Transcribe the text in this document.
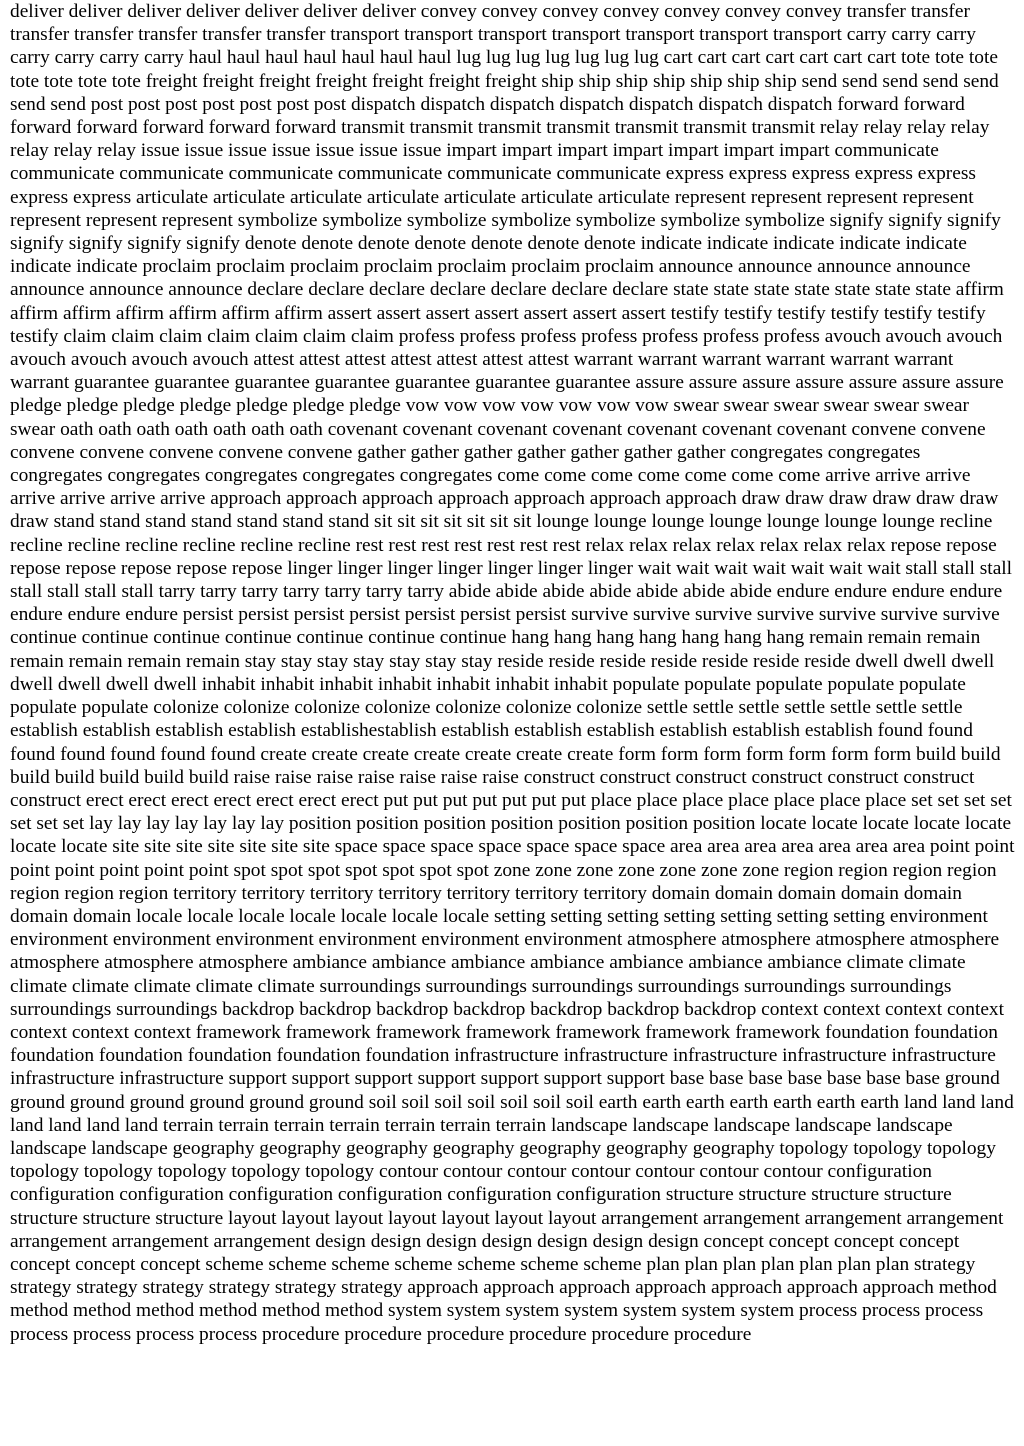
deliver deliver deliver deliver deliver deliver deliver convey convey convey convey convey convey convey transfer transfer transfer transfer transfer transfer transfer transport transport transport transport transport transport transport carry carry carry carry carry carry carry haul haul haul haul haul haul haul lug lug lug lug lug lug lug cart cart cart cart cart cart cart tote tote tote tote tote tote tote freight freight freight freight freight freight freight ship ship ship ship ship ship ship send send send send send send send post post post post post post post dispatch dispatch dispatch dispatch dispatch dispatch dispatch forward forward forward forward forward forward forward transmit transmit transmit transmit transmit transmit transmit relay relay relay relay relay relay relay issue issue issue issue issue issue issue impart impart impart impart impart impart impart communicate communicate communicate communicate communicate communicate communicate express express express express express express express articulate articulate articulate articulate articulate articulate articulate represent represent represent represent represent represent represent symbolize symbolize symbolize symbolize symbolize symbolize symbolize signify signify signify signify signify signify signify denote denote denote denote denote denote denote indicate indicate indicate indicate indicate indicate indicate proclaim proclaim proclaim proclaim proclaim proclaim proclaim announce announce announce announce announce announce announce declare declare declare declare declare declare declare state state state state state state state affirm affirm affirm affirm affirm affirm affirm assert assert assert assert assert assert assert testify testify testify testify testify testify testify claim claim claim claim claim claim claim profess profess profess profess profess profess profess avouch avouch avouch avouch avouch avouch avouch attest attest attest attest attest attest attest warrant warrant warrant warrant warrant warrant warrant guarantee guarantee guarantee guarantee guarantee guarantee guarantee assure assure assure assure assure assure assure pledge pledge pledge pledge pledge pledge pledge vow vow vow vow vow vow vow swear swear swear swear swear swear swear oath oath oath oath oath oath oath covenant covenant covenant covenant covenant covenant covenant convene convene convene convene convene convene convene gather gather gather gather gather gather gather congregates congregates congregates congregates congregates congregates congregates come come come come come come come arrive arrive arrive arrive arrive arrive arrive approach approach approach approach approach approach approach draw draw draw draw draw draw draw stand stand stand stand stand stand stand sit sit sit sit sit sit sit lounge lounge lounge lounge lounge lounge lounge recline recline recline recline recline recline recline rest rest rest rest rest rest rest relax relax relax relax relax relax relax repose repose repose repose repose repose repose linger linger linger linger linger linger linger wait wait wait wait wait wait wait stall stall stall stall stall stall stall tarry tarry tarry tarry tarry tarry tarry abide abide abide abide abide abide abide endure endure endure endure endure endure endure persist persist persist persist persist persist persist survive survive survive survive survive survive survive continue continue continue continue continue continue continue hang hang hang hang hang hang hang remain remain remain remain remain remain remain stay stay stay stay stay stay stay reside reside reside reside reside reside reside dwell dwell dwell dwell dwell dwell dwell inhabit inhabit inhabit inhabit inhabit inhabit inhabit populate populate populate populate populate populate populate colonize colonize colonize colonize colonize colonize colonize settle settle settle settle settle settle settle establish establish establish establish establishestablish establish establish establish establish establish establish found found found found found found found create create create create create create create form form form form form form form build build build build build build build raise raise raise raise raise raise raise construct construct construct construct construct construct construct erect erect erect erect erect erect erect put put put put put put put place place place place place place place set set set set set set set lay lay lay lay lay lay lay position position position position position position position locate locate locate locate locate locate locate site site site site site site site space space space space space space space area area area area area area area point point point point point point point spot spot spot spot spot spot spot zone zone zone zone zone zone zone region region region region region region region territory territory territory territory territory territory territory domain domain domain domain domain domain domain locale locale locale locale locale locale locale setting setting setting setting setting setting setting environment environment environment environment environment environment environment atmosphere atmosphere atmosphere atmosphere atmosphere atmosphere atmosphere ambiance ambiance ambiance ambiance ambiance ambiance ambiance climate climate climate climate climate climate climate surroundings surroundings surroundings surroundings surroundings surroundings surroundings surroundings backdrop backdrop backdrop backdrop backdrop backdrop backdrop context context context context context context context framework framework framework framework framework framework framework foundation foundation foundation foundation foundation foundation foundation infrastructure infrastructure infrastructure infrastructure infrastructure infrastructure infrastructure support support support support support support support base base base base base base base ground ground ground ground ground ground ground soil soil soil soil soil soil soil earth earth earth earth earth earth earth land land land land land land land terrain terrain terrain terrain terrain terrain terrain landscape landscape landscape landscape landscape landscape landscape geography geography geography geography geography geography geography topology topology topology topology topology topology topology topology contour contour contour contour contour contour contour configuration configuration configuration configuration configuration configuration configuration structure structure structure structure structure structure structure layout layout layout layout layout layout layout arrangement arrangement arrangement arrangement arrangement arrangement arrangement design design design design design design design concept concept concept concept concept concept concept scheme scheme scheme scheme scheme scheme scheme plan plan plan plan plan plan plan strategy strategy strategy strategy strategy strategy strategy approach approach approach approach approach approach approach method method method method method method method system system system system system system system process process process process process process process procedure procedure procedure procedure procedure procedure
